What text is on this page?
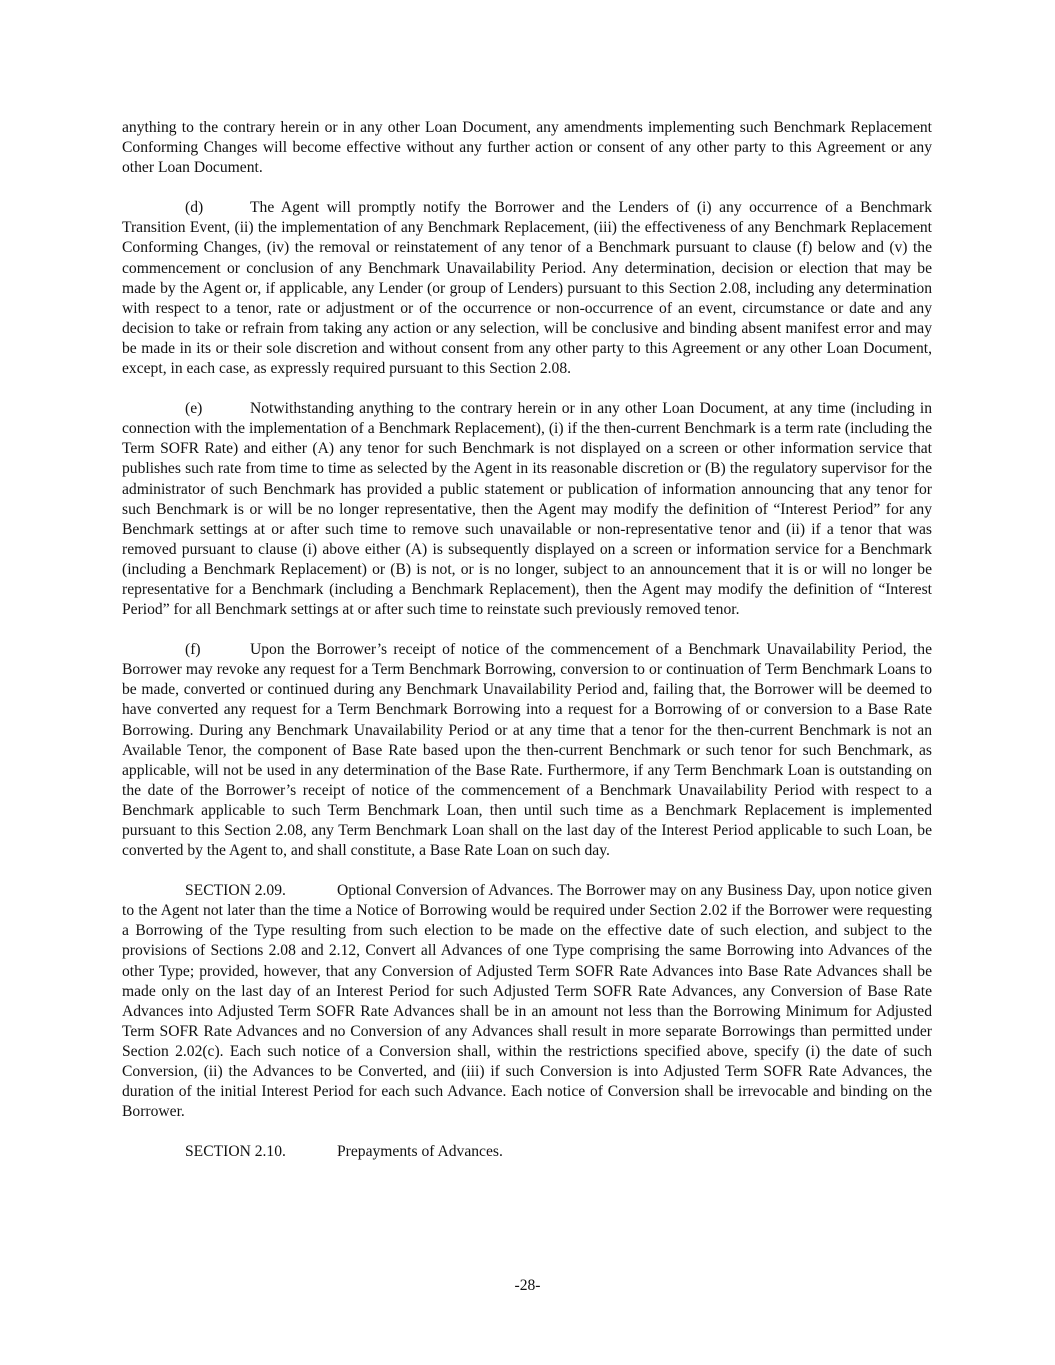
anything to the contrary herein or in any other Loan Document, any amendments implementing such Benchmark Replacement Conforming Changes will become effective without any further action or consent of any other party to this Agreement or any other Loan Document.

(d)	The Agent will promptly notify the Borrower and the Lenders of (i) any occurrence of a Benchmark Transition Event, (ii) the implementation of any Benchmark Replacement, (iii) the effectiveness of any Benchmark Replacement Conforming Changes, (iv) the removal or reinstatement of any tenor of a Benchmark pursuant to clause (f) below and (v) the commencement or conclusion of any Benchmark Unavailability Period. Any determination, decision or election that may be made by the Agent or, if applicable, any Lender (or group of Lenders) pursuant to this Section 2.08, including any determination with respect to a tenor, rate or adjustment or of the occurrence or non-occurrence of an event, circumstance or date and any decision to take or refrain from taking any action or any selection, will be conclusive and binding absent manifest error and may be made in its or their sole discretion and without consent from any other party to this Agreement or any other Loan Document, except, in each case, as expressly required pursuant to this Section 2.08.

(e)	Notwithstanding anything to the contrary herein or in any other Loan Document, at any time (including in connection with the implementation of a Benchmark Replacement), (i) if the then-current Benchmark is a term rate (including the Term SOFR Rate) and either (A) any tenor for such Benchmark is not displayed on a screen or other information service that publishes such rate from time to time as selected by the Agent in its reasonable discretion or (B) the regulatory supervisor for the administrator of such Benchmark has provided a public statement or publication of information announcing that any tenor for such Benchmark is or will be no longer representative, then the Agent may modify the definition of “Interest Period” for any Benchmark settings at or after such time to remove such unavailable or non-representative tenor and (ii) if a tenor that was removed pursuant to clause (i) above either (A) is subsequently displayed on a screen or information service for a Benchmark (including a Benchmark Replacement) or (B) is not, or is no longer, subject to an announcement that it is or will no longer be representative for a Benchmark (including a Benchmark Replacement), then the Agent may modify the definition of “Interest Period” for all Benchmark settings at or after such time to reinstate such previously removed tenor.

(f)	Upon the Borrower’s receipt of notice of the commencement of a Benchmark Unavailability Period, the Borrower may revoke any request for a Term Benchmark Borrowing, conversion to or continuation of Term Benchmark Loans to be made, converted or continued during any Benchmark Unavailability Period and, failing that, the Borrower will be deemed to have converted any request for a Term Benchmark Borrowing into a request for a Borrowing of or conversion to a Base Rate Borrowing. During any Benchmark Unavailability Period or at any time that a tenor for the then-current Benchmark is not an Available Tenor, the component of Base Rate based upon the then-current Benchmark or such tenor for such Benchmark, as applicable, will not be used in any determination of the Base Rate. Furthermore, if any Term Benchmark Loan is outstanding on the date of the Borrower’s receipt of notice of the commencement of a Benchmark Unavailability Period with respect to a Benchmark applicable to such Term Benchmark Loan, then until such time as a Benchmark Replacement is implemented pursuant to this Section 2.08, any Term Benchmark Loan shall on the last day of the Interest Period applicable to such Loan, be converted by the Agent to, and shall constitute, a Base Rate Loan on such day.

SECTION 2.09.	Optional Conversion of Advances. The Borrower may on any Business Day, upon notice given to the Agent not later than the time a Notice of Borrowing would be required under Section 2.02 if the Borrower were requesting a Borrowing of the Type resulting from such election to be made on the effective date of such election, and subject to the provisions of Sections 2.08 and 2.12, Convert all Advances of one Type comprising the same Borrowing into Advances of the other Type; provided, however, that any Conversion of Adjusted Term SOFR Rate Advances into Base Rate Advances shall be made only on the last day of an Interest Period for such Adjusted Term SOFR Rate Advances, any Conversion of Base Rate Advances into Adjusted Term SOFR Rate Advances shall be in an amount not less than the Borrowing Minimum for Adjusted Term SOFR Rate Advances and no Conversion of any Advances shall result in more separate Borrowings than permitted under Section 2.02(c). Each such notice of a Conversion shall, within the restrictions specified above, specify (i) the date of such Conversion, (ii) the Advances to be Converted, and (iii) if such Conversion is into Adjusted Term SOFR Rate Advances, the duration of the initial Interest Period for each such Advance. Each notice of Conversion shall be irrevocable and binding on the Borrower.

SECTION 2.10.	Prepayments of Advances.

-28-
